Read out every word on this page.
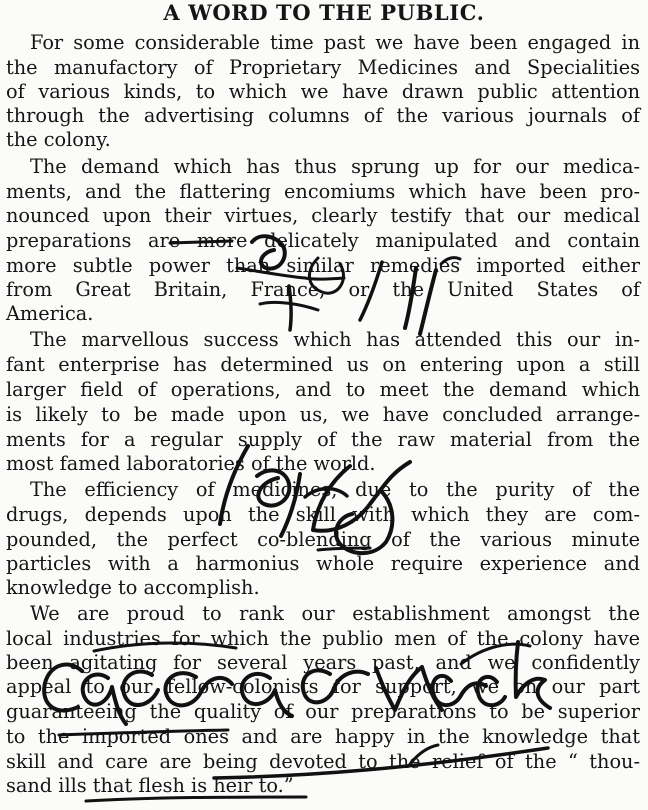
A WORD TO THE PUBLIC.
For some considerable time past we have been engaged in
the manufactory of Proprietary Medicines and Specialities
of various kinds, to which we have drawn public attention
through the advertising columns of the various journals of
the colony.
The demand which has thus sprung up for our medica-
ments, and the flattering encomiums which have been pro-
nounced upon their virtues, clearly testify that our medical
preparations are more delicately manipulated and contain
more subtle power than similar remedies imported either
from Great Britain, France, or the United States of
America.
The marvellous success which has attended this our in-
fant enterprise has determined us on entering upon a still
larger field of operations, and to meet the demand which
is likely to be made upon us, we have concluded arrange-
ments for a regular supply of the raw material from the
most famed laboratories of the world.
The efficiency of medicines, due to the purity of the
drugs, depends upon the skill with which they are com-
pounded, the perfect co-blending of the various minute
particles with a harmonius whole require experience and
knowledge to accomplish.
We are proud to rank our establishment amongst the
local industries for which the publio men of the colony have
been agitating for several years past, and we confidently
appeal to our fellow-colonists for support, we on our part
guaranteeing the quality of our preparations to be superior
to the imported ones and are happy in the knowledge that
skill and care are being devoted to the relief of the “ thou-
sand ills that flesh is heir to.”
